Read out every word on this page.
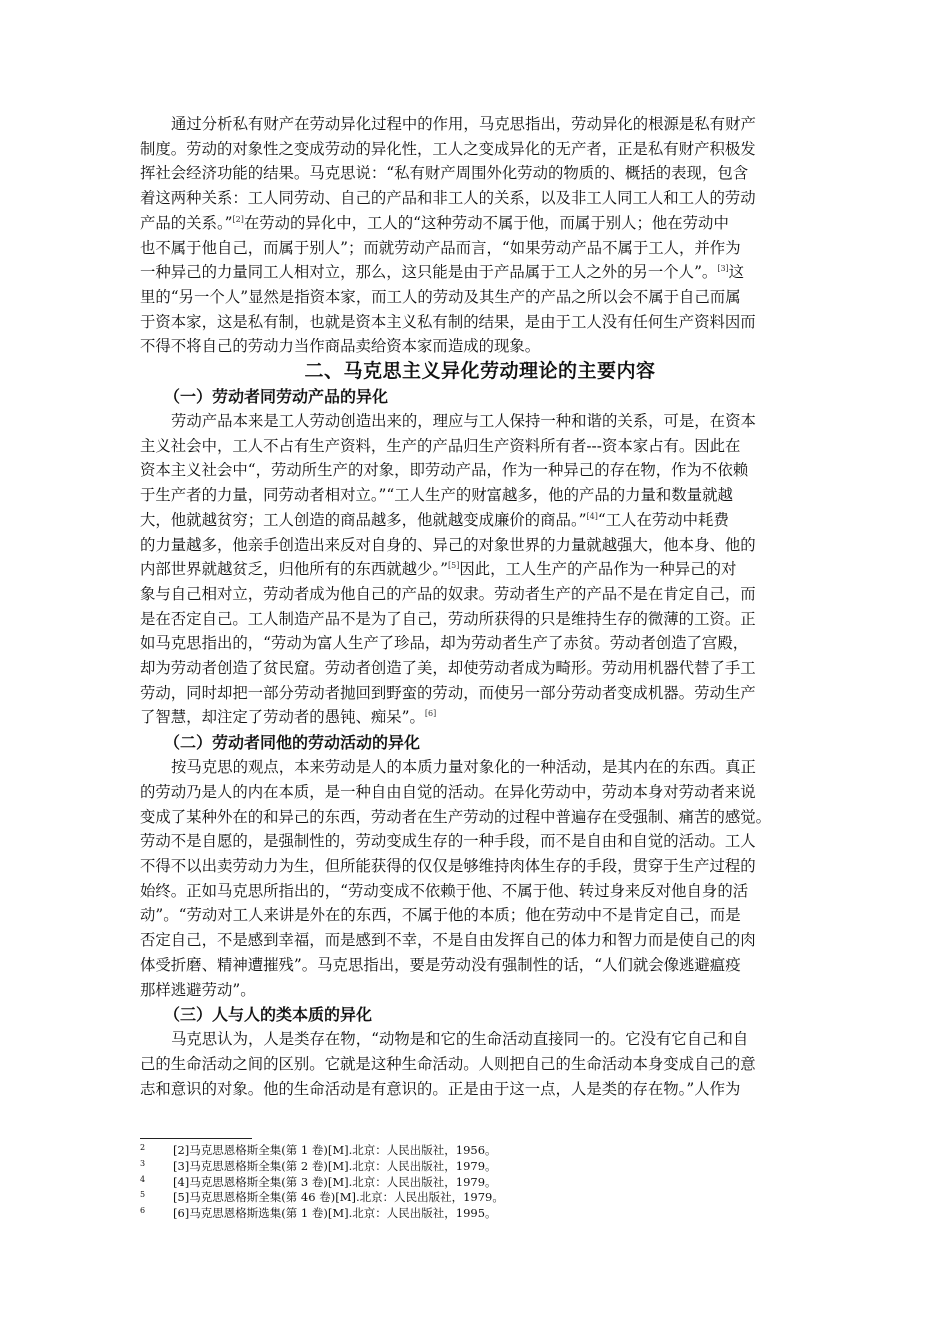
通过分析私有财产在劳动异化过程中的作用，马克思指出，劳动异化的根源是私有财产
制度。劳动的对象性之变成劳动的异化性，工人之变成异化的无产者，正是私有财产积极发
挥社会经济功能的结果。马克思说：“私有财产周围外化劳动的物质的、概括的表现，包含
着这两种关系：工人同劳动、自己的产品和非工人的关系，以及非工人同工人和工人的劳动
产品的关系。”[2]在劳动的异化中，工人的“这种劳动不属于他，而属于别人；他在劳动中
也不属于他自己，而属于别人”；而就劳动产品而言，“如果劳动产品不属于工人，并作为
一种异己的力量同工人相对立，那么，这只能是由于产品属于工人之外的另一个人”。[3]这
里的“另一个人”显然是指资本家，而工人的劳动及其生产的产品之所以会不属于自己而属
于资本家，这是私有制，也就是资本主义私有制的结果，是由于工人没有任何生产资料因而
不得不将自己的劳动力当作商品卖给资本家而造成的现象。

二、马克思主义异化劳动理论的主要内容
（一）劳动者同劳动产品的异化

劳动产品本来是工人劳动创造出来的，理应与工人保持一种和谐的关系，可是，在资本
主义社会中，工人不占有生产资料，生产的产品归生产资料所有者---资本家占有。因此在
资本主义社会中“，劳动所生产的对象，即劳动产品，作为一种异己的存在物，作为不依赖
于生产者的力量，同劳动者相对立。”“工人生产的财富越多，他的产品的力量和数量就越
大，他就越贫穷；工人创造的商品越多，他就越变成廉价的商品。”[4]“工人在劳动中耗费
的力量越多，他亲手创造出来反对自身的、异己的对象世界的力量就越强大，他本身、他的
内部世界就越贫乏，归他所有的东西就越少。”[5]因此，工人生产的产品作为一种异己的对
象与自己相对立，劳动者成为他自己的产品的奴隶。劳动者生产的产品不是在肯定自己，而
是在否定自己。工人制造产品不是为了自己，劳动所获得的只是维持生存的微薄的工资。正
如马克思指出的，“劳动为富人生产了珍品，却为劳动者生产了赤贫。劳动者创造了宫殿，
却为劳动者创造了贫民窟。劳动者创造了美，却使劳动者成为畸形。劳动用机器代替了手工
劳动，同时却把一部分劳动者抛回到野蛮的劳动，而使另一部分劳动者变成机器。劳动生产
了智慧，却注定了劳动者的愚钝、痴呆”。[6]

（二）劳动者同他的劳动活动的异化

按马克思的观点，本来劳动是人的本质力量对象化的一种活动，是其内在的东西。真正
的劳动乃是人的内在本质，是一种自由自觉的活动。在异化劳动中，劳动本身对劳动者来说
变成了某种外在的和异己的东西，劳动者在生产劳动的过程中普遍存在受强制、痛苦的感觉。
劳动不是自愿的，是强制性的，劳动变成生存的一种手段，而不是自由和自觉的活动。工人
不得不以出卖劳动力为生，但所能获得的仅仅是够维持肉体生存的手段，贯穿于生产过程的
始终。正如马克思所指出的，“劳动变成不依赖于他、不属于他、转过身来反对他自身的活
动”。“劳动对工人来讲是外在的东西，不属于他的本质；他在劳动中不是肯定自己，而是
否定自己，不是感到幸福，而是感到不幸，不是自由发挥自己的体力和智力而是使自己的肉
体受折磨、精神遭摧残”。马克思指出，要是劳动没有强制性的话，“人们就会像逃避瘟疫
那样逃避劳动”。

（三）人与人的类本质的异化

马克思认为，人是类存在物，“动物是和它的生命活动直接同一的。它没有它自己和自
己的生命活动之间的区别。它就是这种生命活动。人则把自己的生命活动本身变成自己的意
志和意识的对象。他的生命活动是有意识的。正是由于这一点，人是类的存在物。”人作为

2 [2]马克思恩格斯全集(第 1 卷)[M].北京：人民出版社，1956。
3 [3]马克思恩格斯全集(第 2 卷)[M].北京：人民出版社，1979。
4 [4]马克思恩格斯全集(第 3 卷)[M].北京：人民出版社，1979。
5 [5]马克思恩格斯全集(第 46 卷)[M].北京：人民出版社，1979。
6 [6]马克思恩格斯选集(第 1 卷)[M].北京：人民出版社，1995。
